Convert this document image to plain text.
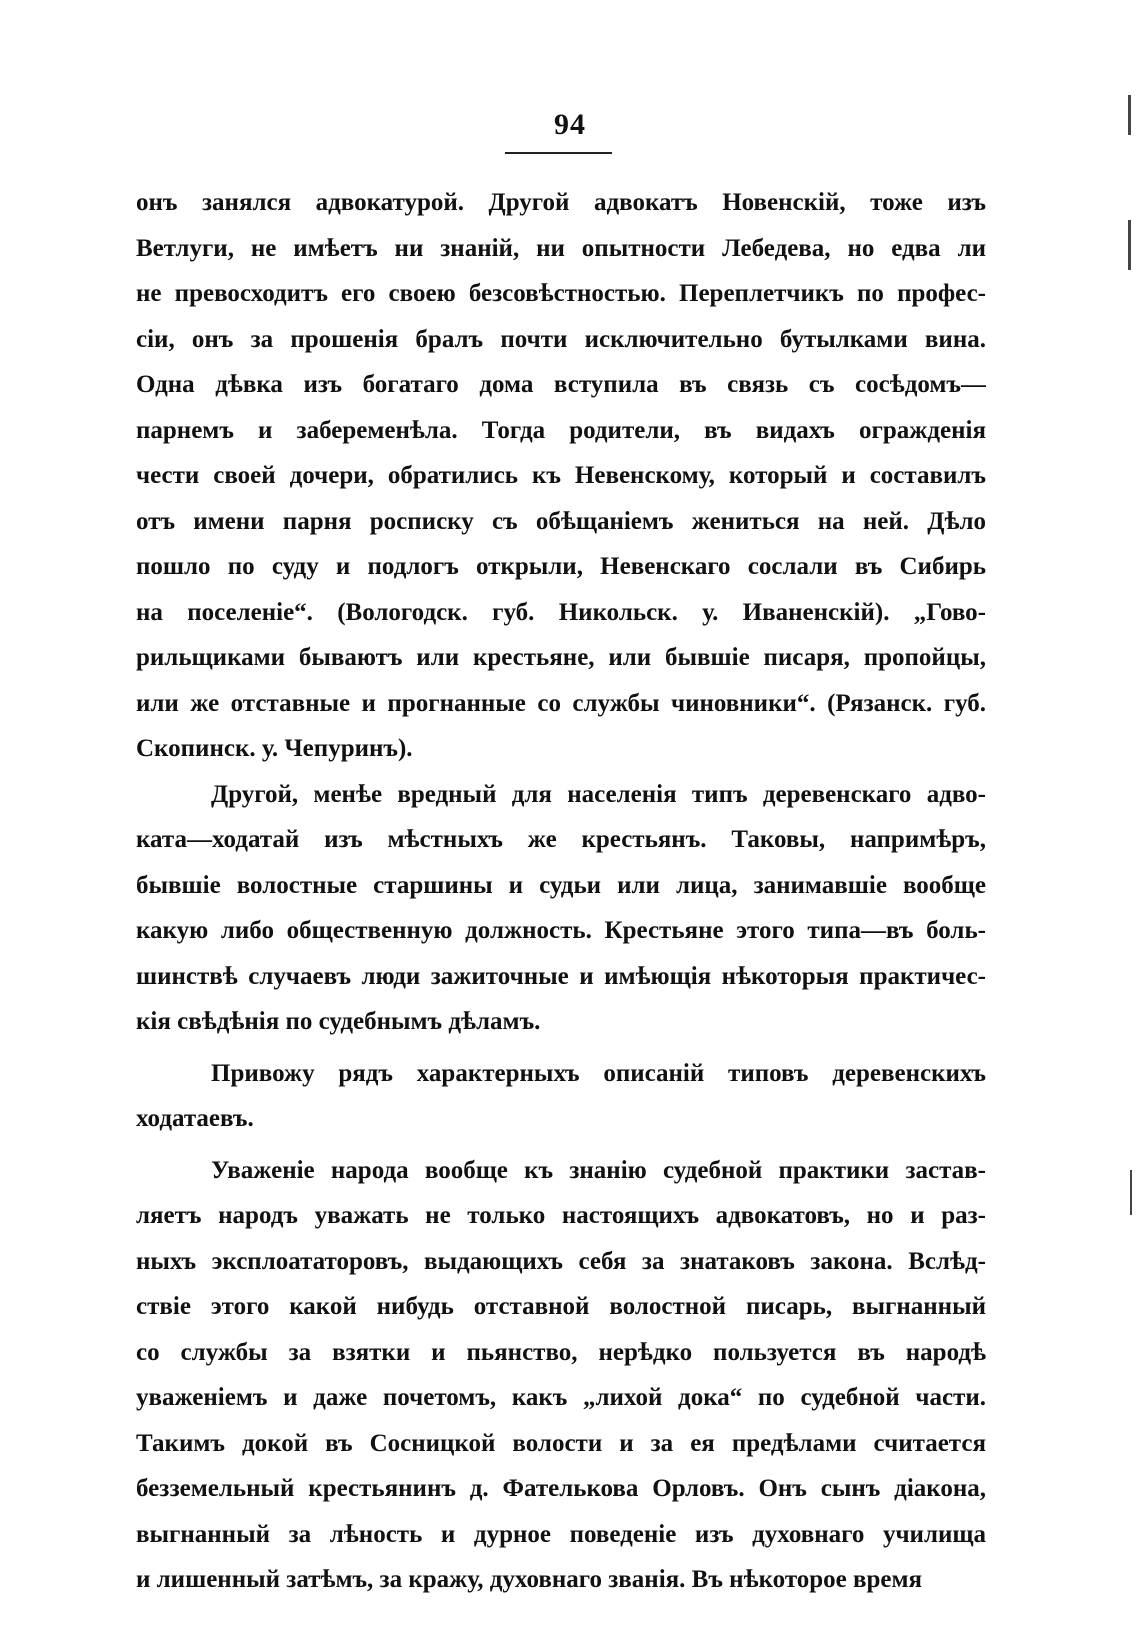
94
онъ занялся адвокатурой. Другой адвокатъ Новенскій, тоже изъ
Ветлуги, не имѣетъ ни знаній, ни опытности Лебедева, но едва ли
не превосходитъ его своею безсовѣстностью. Переплетчикъ по профес-
сіи, онъ за прошенія бралъ почти исключительно бутылками вина.
Одна дѣвка изъ богатаго дома вступила въ связь съ сосѣдомъ—
парнемъ и забеременѣла. Тогда родители, въ видахъ огражденія
чести своей дочери, обратились къ Невенскому, который и составилъ
отъ имени парня росписку съ обѣщаніемъ жениться на ней. Дѣло
пошло по суду и подлогъ открыли, Невенскаго сослали въ Сибирь
на поселеніе“. (Вологодск. губ. Никольск. у. Иваненскій). „Гово-
рильщиками бываютъ или крестьяне, или бывшіе писаря, пропойцы,
или же отставные и прогнанные со службы чиновники“. (Рязанск. губ.
Скопинск. у. Чепуринъ).
Другой, менѣе вредный для населенія типъ деревенскаго адво-
ката—ходатай изъ мѣстныхъ же крестьянъ. Таковы, напримѣръ,
бывшіе волостные старшины и судьи или лица, занимавшіе вообще
какую либо общественную должность. Крестьяне этого типа—въ боль-
шинствѣ случаевъ люди зажиточные и имѣющія нѣкоторыя практичес-
кія свѣдѣнія по судебнымъ дѣламъ.
Привожу рядъ характерныхъ описаній типовъ деревенскихъ
ходатаевъ.
Уваженіе народа вообще къ знанію судебной практики застав-
ляетъ народъ уважать не только настоящихъ адвокатовъ, но и раз-
ныхъ эксплоататоровъ, выдающихъ себя за знатаковъ закона. Вслѣд-
ствіе этого какой нибудь отставной волостной писарь, выгнанный
со службы за взятки и пьянство, нерѣдко пользуется въ народѣ
уваженіемъ и даже почетомъ, какъ „лихой дока“ по судебной части.
Такимъ докой въ Сосницкой волости и за ея предѣлами считается
безземельный крестьянинъ д. Фателькова Орловъ. Онъ сынъ діакона,
выгнанный за лѣность и дурное поведеніе изъ духовнаго училища
и лишенный затѣмъ, за кражу, духовнаго званія. Въ нѣкоторое время
